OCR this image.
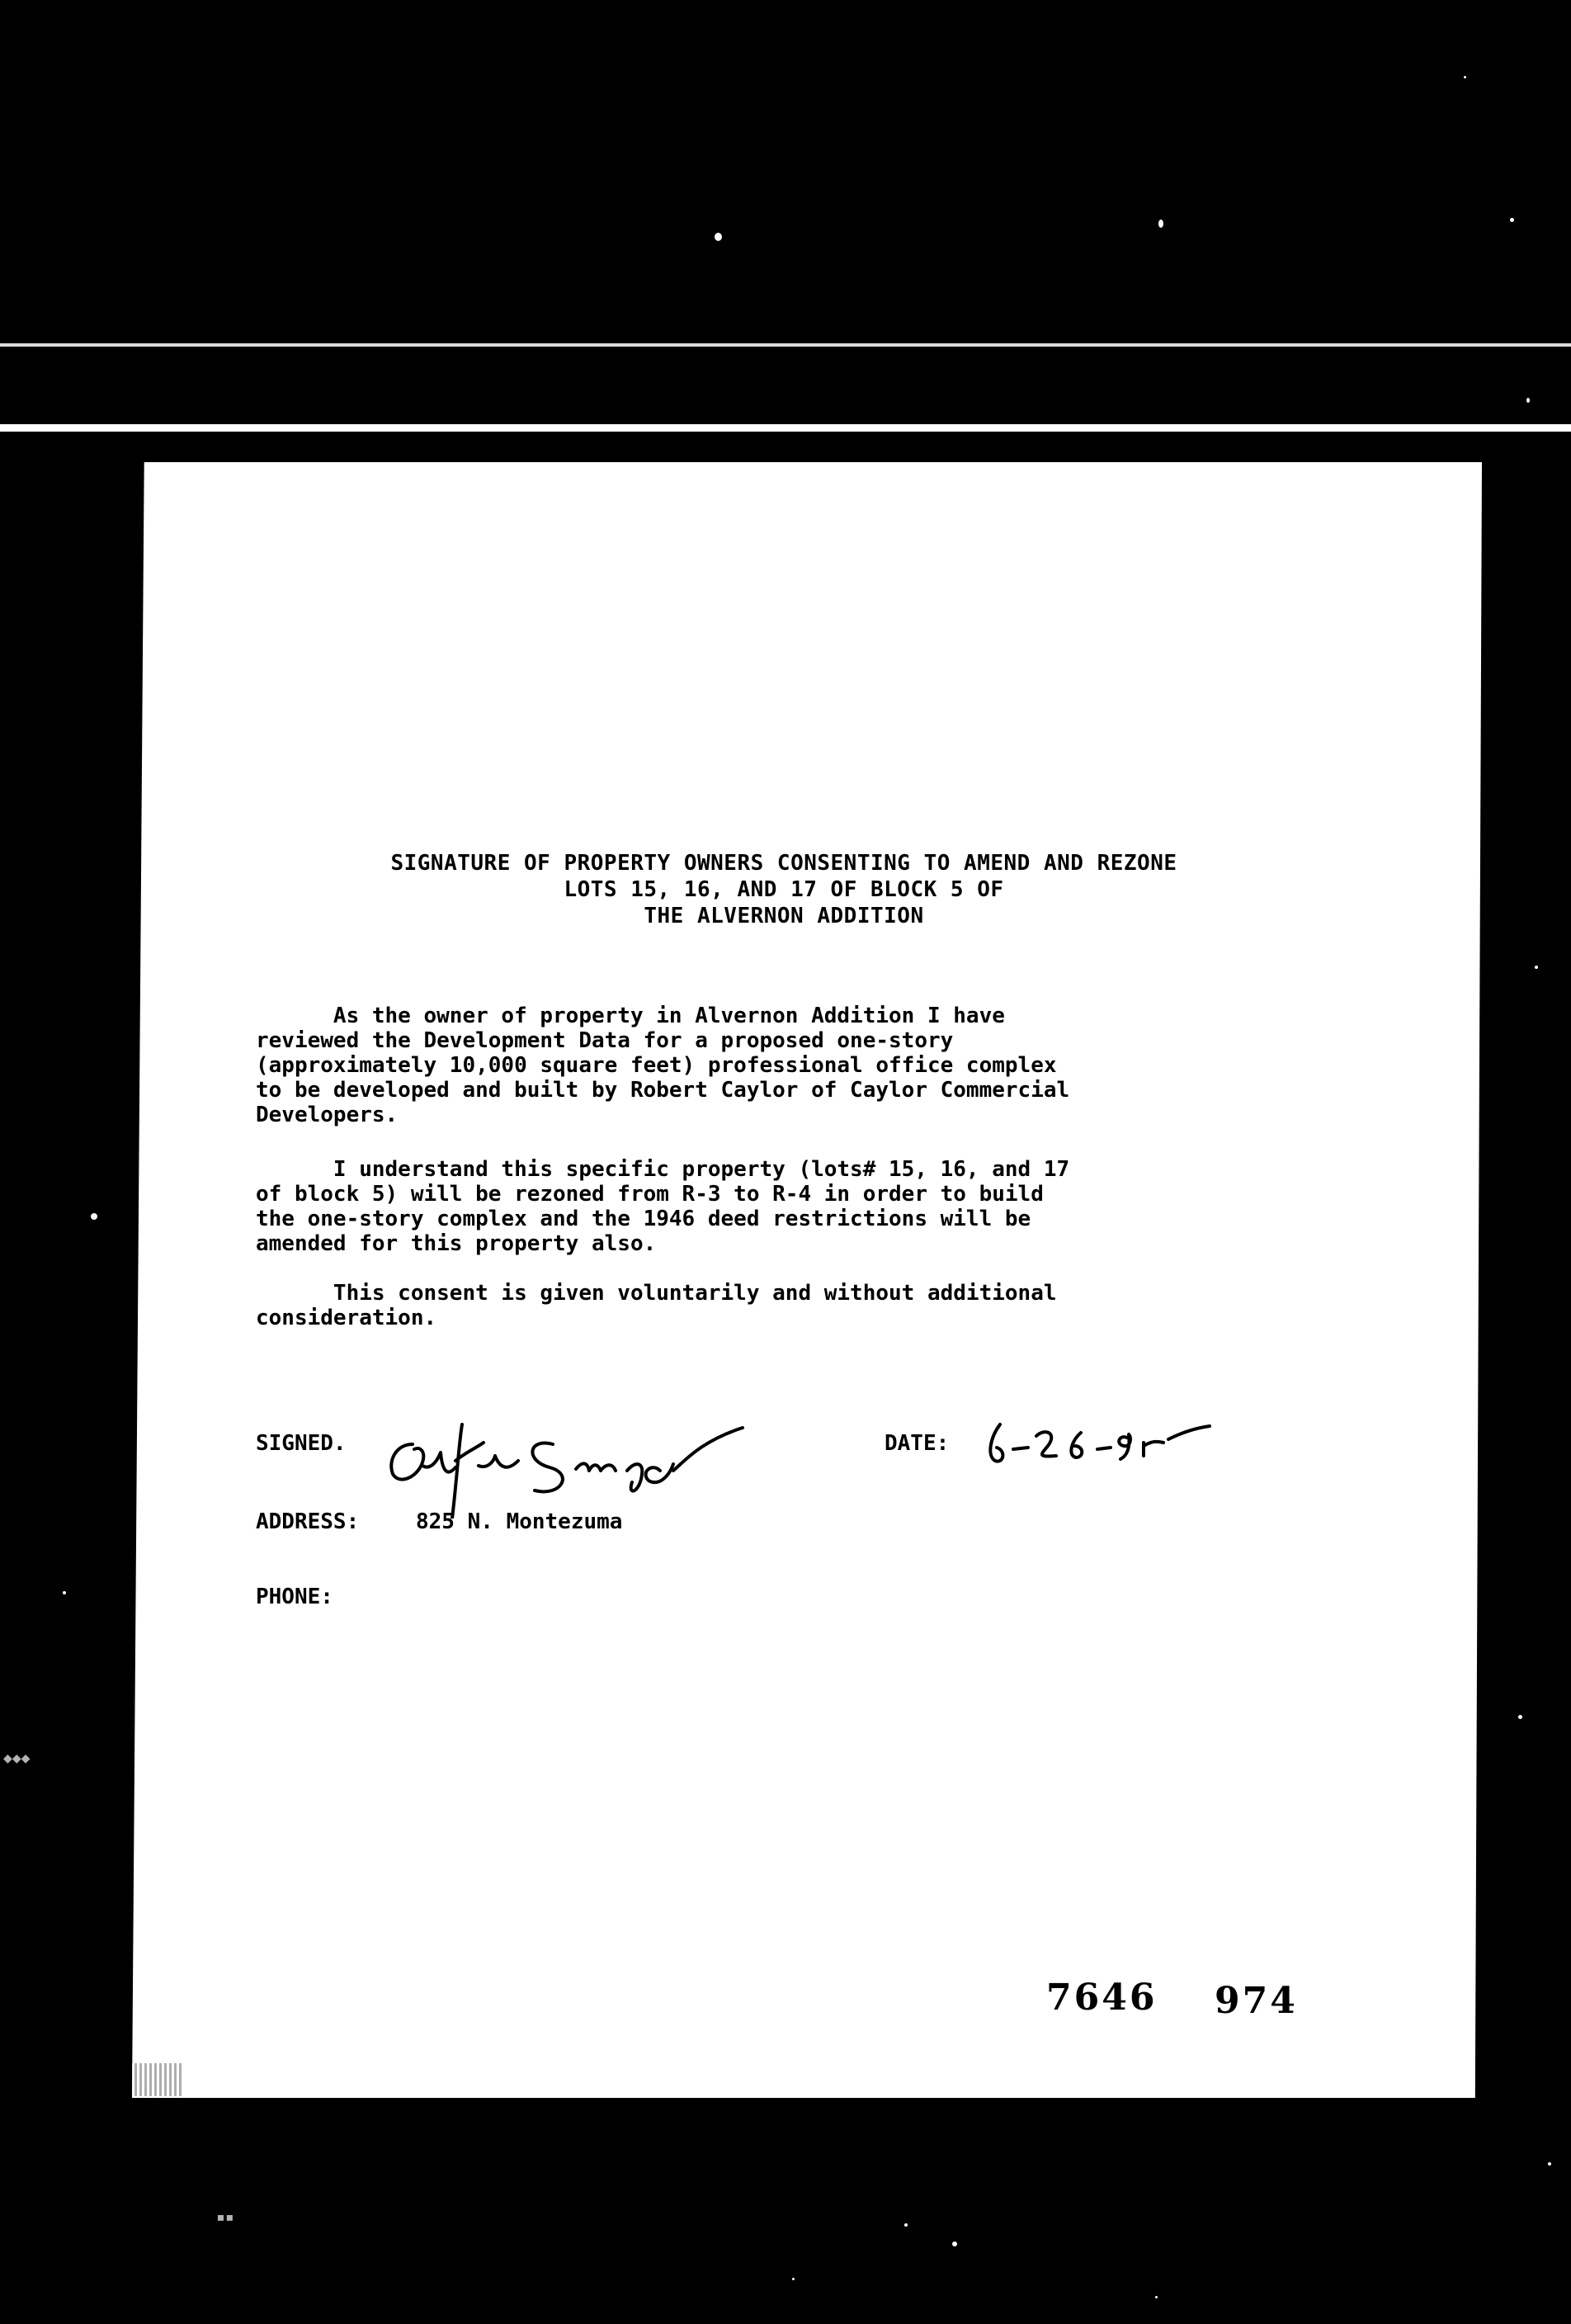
◆◆◆
▪▪
SIGNATURE OF PROPERTY OWNERS CONSENTING TO AMEND AND REZONE
LOTS 15, 16, AND 17 OF BLOCK 5 OF
THE ALVERNON ADDITION

As the owner of property in Alvernon Addition I have
reviewed the Development Data for a proposed one-story
(approximately 10,000 square feet) professional office complex
to be developed and built by Robert Caylor of Caylor Commercial
Developers.

I understand this specific property (lots# 15, 16, and 17
of block 5) will be rezoned from R-3 to R-4 in order to build
the one-story complex and the 1946 deed restrictions will be
amended for this property also.

This consent is given voluntarily and without additional
consideration.

SIGNED.	DATE:
ADDRESS:	825 N. Montezuma
PHONE:
7646 974
